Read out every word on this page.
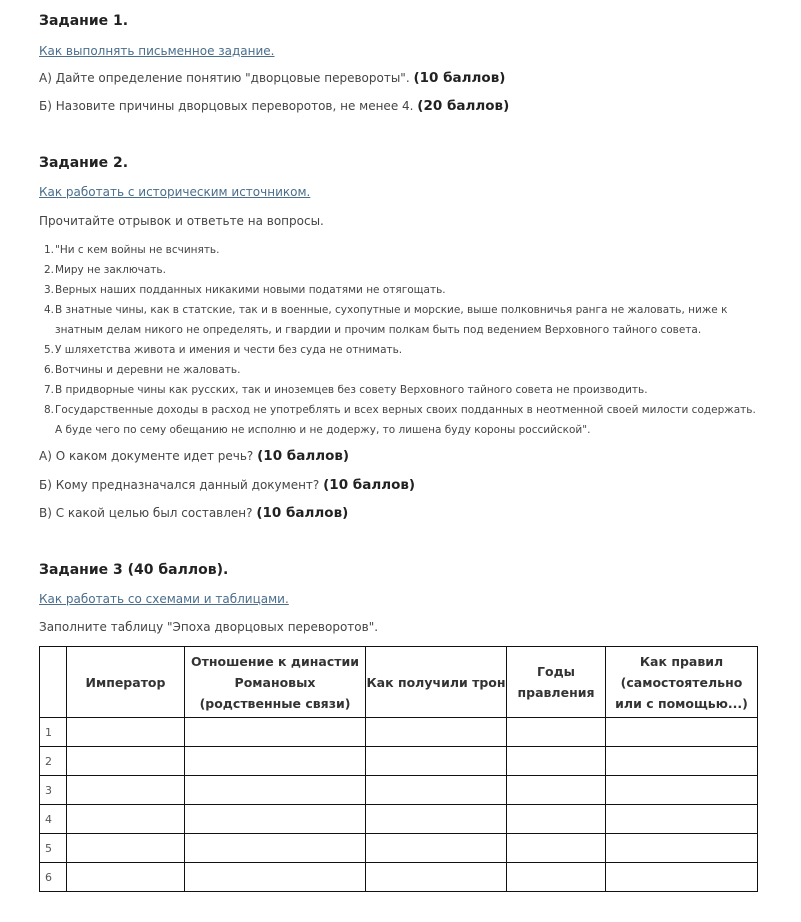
Задание 1.
Как выполнять письменное задание.
А) Дайте определение понятию "дворцовые перевороты". (10 баллов)
Б) Назовите причины дворцовых переворотов, не менее 4. (20 баллов)
Задание 2.
Как работать с историческим источником.
Прочитайте отрывок и ответьте на вопросы.
1. "Ни с кем войны не всчинять.
2. Миру не заключать.
3. Верных наших подданных никакими новыми податями не отягощать.
4. В знатные чины, как в статские, так и в военные, сухопутные и морские, выше полковничья ранга не жаловать, ниже к знатным делам никого не определять, и гвардии и прочим полкам быть под ведением Верховного тайного совета.
5. У шляхетства живота и имения и чести без суда не отнимать.
6. Вотчины и деревни не жаловать.
7. В придворные чины как русских, так и иноземцев без совету Верховного тайного совета не производить.
8. Государственные доходы в расход не употреблять и всех верных своих подданных в неотменной своей милости содержать. А буде чего по сему обещанию не исполню и не додержу, то лишена буду короны российской".
А) О каком документе идет речь? (10 баллов)
Б) Кому предназначался данный документ? (10 баллов)
В) С какой целью был составлен? (10 баллов)
Задание 3 (40 баллов).
Как работать со схемами и таблицами.
Заполните таблицу "Эпоха дворцовых переворотов".
	Император	Отношение к династии Романовых (родственные связи)	Как получили трон	Годы правления	Как правил (самостоятельно или с помощью...)
1					
2					
3					
4					
5					
6					
